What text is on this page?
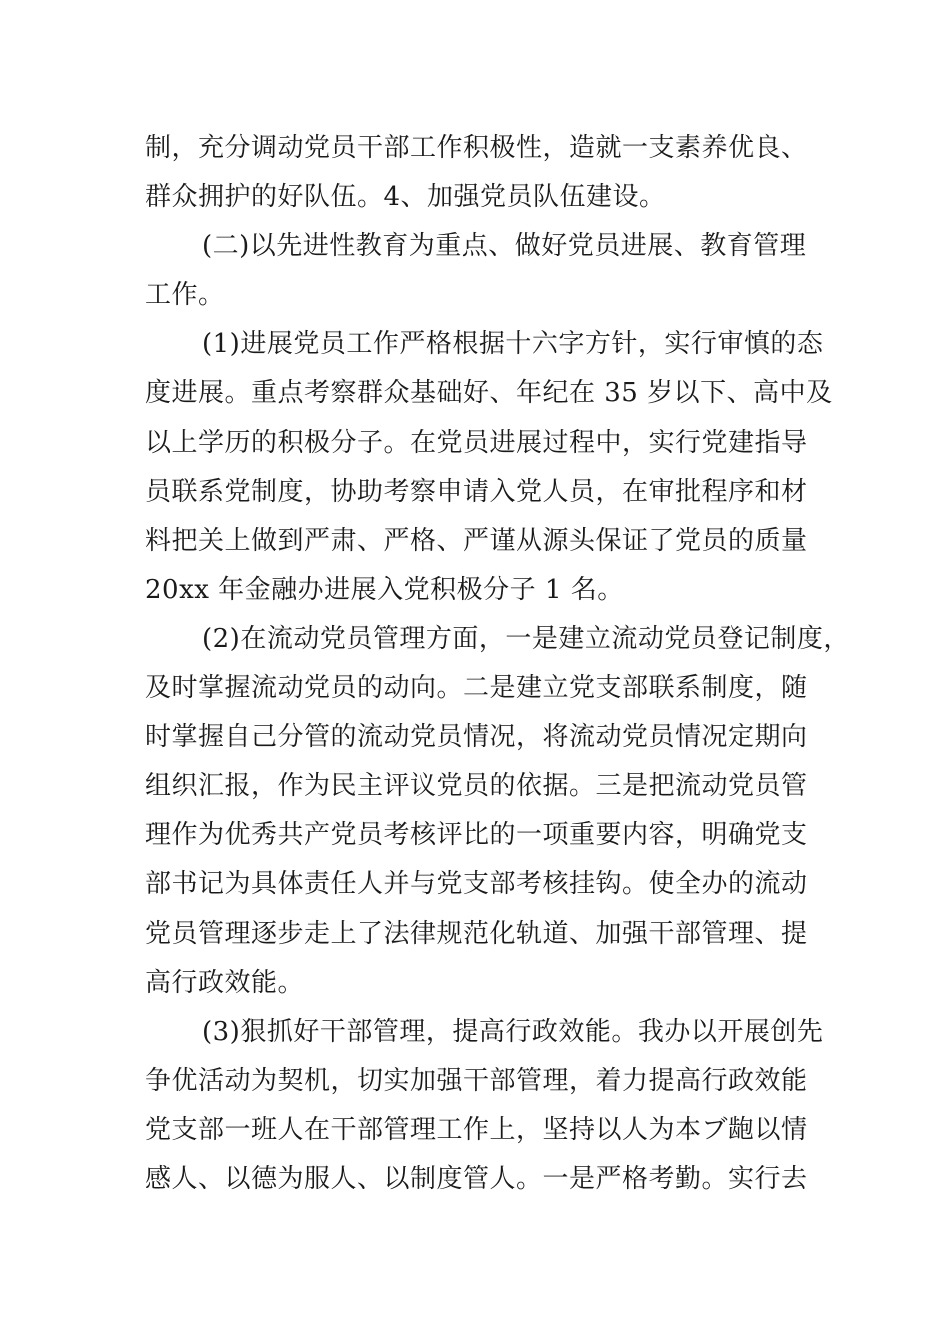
制，充分调动党员干部工作积极性，造就一支素养优良、
群众拥护的好队伍。4、加强党员队伍建设。
(二)以先进性教育为重点、做好党员进展、教育管理
工作。
(1)进展党员工作严格根据十六字方针，实行审慎的态
度进展。重点考察群众基础好、年纪在 35 岁以下、高中及
以上学历的积极分子。在党员进展过程中，实行党建指导
员联系党制度，协助考察申请入党人员，在审批程序和材
料把关上做到严肃、严格、严谨从源头保证了党员的质量
20xx 年金融办进展入党积极分子 1 名。
(2)在流动党员管理方面，一是建立流动党员登记制度，
及时掌握流动党员的动向。二是建立党支部联系制度，随
时掌握自己分管的流动党员情况，将流动党员情况定期向
组织汇报，作为民主评议党员的依据。三是把流动党员管
理作为优秀共产党员考核评比的一项重要内容，明确党支
部书记为具体责任人并与党支部考核挂钩。使全办的流动
党员管理逐步走上了法律规范化轨道、加强干部管理、提
高行政效能。
(3)狠抓好干部管理，提高行政效能。我办以开展创先
争优活动为契机，切实加强干部管理，着力提高行政效能
党支部一班人在干部管理工作上，坚持以人为本ブ龅以情
感人、以德为服人、以制度管人。一是严格考勤。实行去
